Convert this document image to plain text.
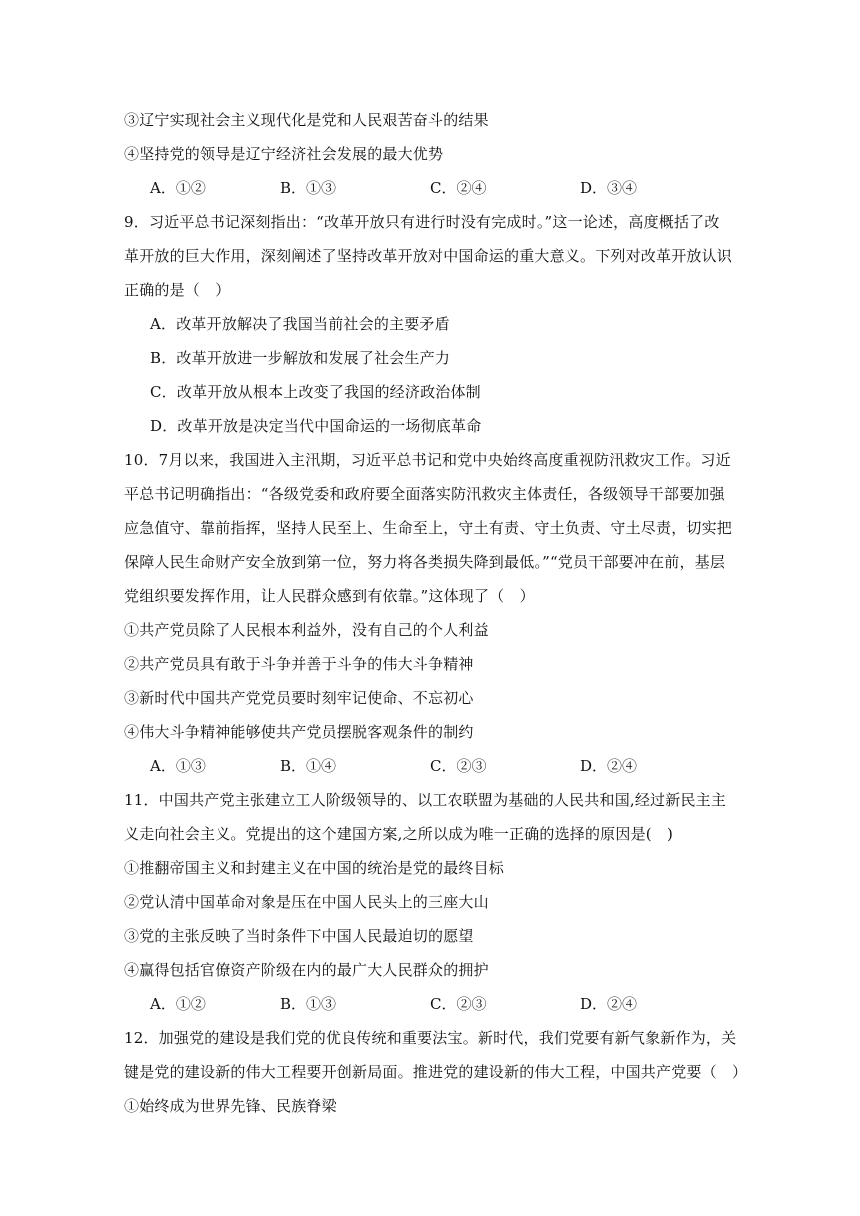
③辽宁实现社会主义现代化是党和人民艰苦奋斗的结果
④坚持党的领导是辽宁经济社会发展的最大优势
A．①②	B．①③	C．②④	D．③④
9．习近平总书记深刻指出：“改革开放只有进行时没有完成时。”这一论述，高度概括了改
革开放的巨大作用，深刻阐述了坚持改革开放对中国命运的重大意义。下列对改革开放认识
正确的是（　）
A．改革开放解决了我国当前社会的主要矛盾
B．改革开放进一步解放和发展了社会生产力
C．改革开放从根本上改变了我国的经济政治体制
D．改革开放是决定当代中国命运的一场彻底革命
10．7月以来，我国进入主汛期，习近平总书记和党中央始终高度重视防汛救灾工作。习近
平总书记明确指出：“各级党委和政府要全面落实防汛救灾主体责任，各级领导干部要加强
应急值守、靠前指挥，坚持人民至上、生命至上，守土有责、守土负责、守土尽责，切实把
保障人民生命财产安全放到第一位，努力将各类损失降到最低。”“党员干部要冲在前，基层
党组织要发挥作用，让人民群众感到有依靠。”这体现了（　）
①共产党员除了人民根本利益外，没有自己的个人利益
②共产党员具有敢于斗争并善于斗争的伟大斗争精神
③新时代中国共产党党员要时刻牢记使命、不忘初心
④伟大斗争精神能够使共产党员摆脱客观条件的制约
A．①③	B．①④	C．②③	D．②④
11．中国共产党主张建立工人阶级领导的、以工农联盟为基础的人民共和国,经过新民主主
义走向社会主义。党提出的这个建国方案,之所以成为唯一正确的选择的原因是(　)
①推翻帝国主义和封建主义在中国的统治是党的最终目标
②党认清中国革命对象是压在中国人民头上的三座大山
③党的主张反映了当时条件下中国人民最迫切的愿望
④赢得包括官僚资产阶级在内的最广大人民群众的拥护
A．①②	B．①③	C．②③	D．②④
12．加强党的建设是我们党的优良传统和重要法宝。新时代，我们党要有新气象新作为，关
键是党的建设新的伟大工程要开创新局面。推进党的建设新的伟大工程，中国共产党要（　）
①始终成为世界先锋、民族脊梁
